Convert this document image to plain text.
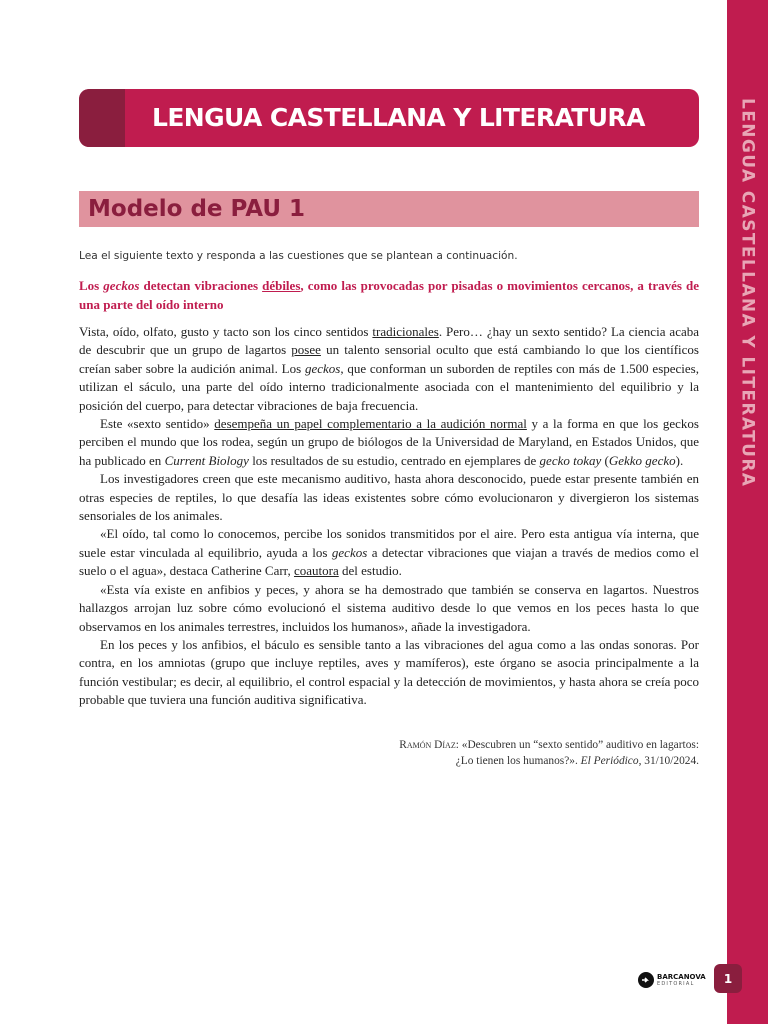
LENGUA CASTELLANA Y LITERATURA
1
LENGUA CASTELLANA Y LITERATURA
Modelo de PAU 1
Lea el siguiente texto y responda a las cuestiones que se plantean a continuación.
Los geckos detectan vibraciones débiles, como las provocadas por pisadas o movimientos cercanos, a través de una parte del oído interno

Vista, oído, olfato, gusto y tacto son los cinco sentidos tradicionales. Pero… ¿hay un sexto sentido? La ciencia acaba de descubrir que un grupo de lagartos posee un talento sensorial oculto que está cambiando lo que los científicos creían saber sobre la audición animal. Los geckos, que conforman un suborden de reptiles con más de 1.500 especies, utilizan el sáculo, una parte del oído interno tradicionalmente asociada con el mantenimiento del equilibrio y la posición del cuerpo, para detectar vibraciones de baja frecuencia.

Este «sexto sentido» desempeña un papel complementario a la audición normal y a la forma en que los geckos perciben el mundo que los rodea, según un grupo de biólogos de la Universidad de Maryland, en Estados Unidos, que ha publicado en Current Biology los resultados de su estudio, centrado en ejemplares de gecko tokay (Gekko gecko).

Los investigadores creen que este mecanismo auditivo, hasta ahora desconocido, puede estar presente también en otras especies de reptiles, lo que desafía las ideas existentes sobre cómo evolucionaron y divergieron los sistemas sensoriales de los animales.

«El oído, tal como lo conocemos, percibe los sonidos transmitidos por el aire. Pero esta antigua vía interna, que suele estar vinculada al equilibrio, ayuda a los geckos a detectar vibraciones que viajan a través de medios como el suelo o el agua», destaca Catherine Carr, coautora del estudio.

«Esta vía existe en anfibios y peces, y ahora se ha demostrado que también se conserva en lagartos. Nuestros hallazgos arrojan luz sobre cómo evolucionó el sistema auditivo desde lo que vemos en los peces hasta lo que observamos en los animales terrestres, incluidos los humanos», añade la investigadora.

En los peces y los anfibios, el báculo es sensible tanto a las vibraciones del agua como a las ondas sonoras. Por contra, en los amniotas (grupo que incluye reptiles, aves y mamíferos), este órgano se asocia principalmente a la función vestibular; es decir, al equilibrio, el control espacial y la detección de movimientos, y hasta ahora se creía poco probable que tuviera una función auditiva significativa.

Ramón Díaz: «Descubren un “sexto sentido” auditivo en lagartos:
¿Lo tienen los humanos?». El Periódico, 31/10/2024.
BARCANOVA
EDITORIAL
